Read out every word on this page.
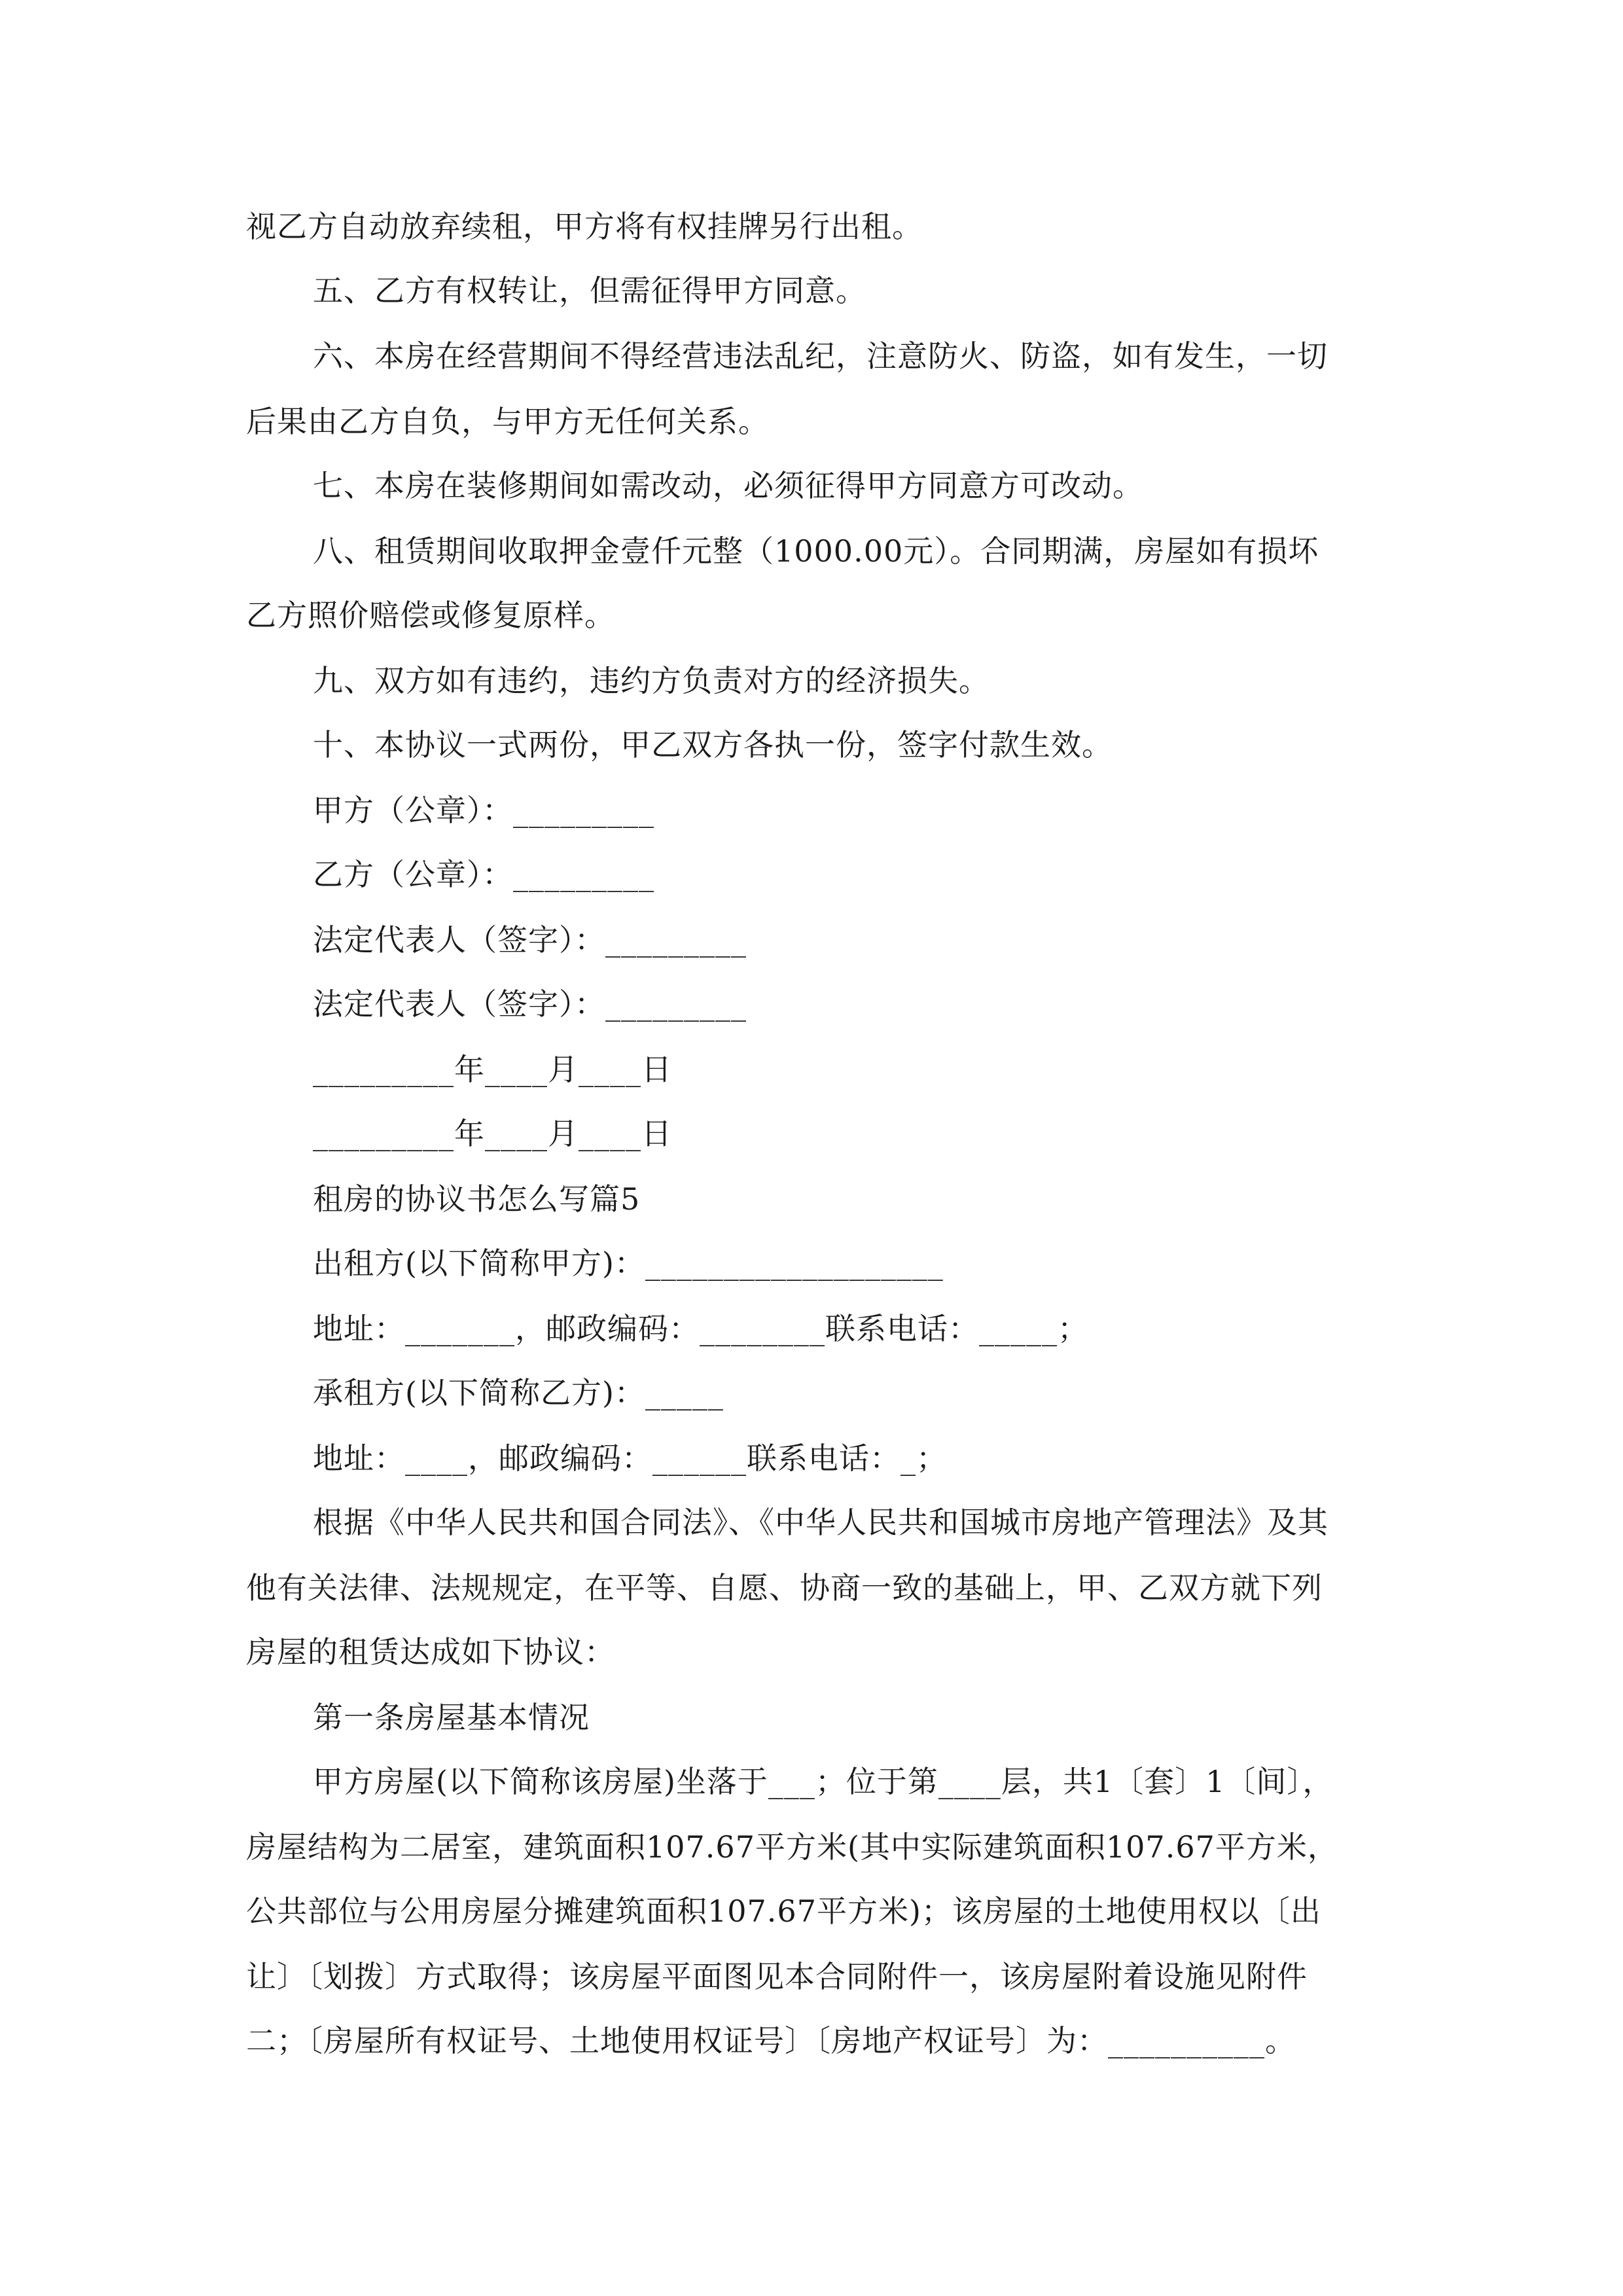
视乙方自动放弃续租，甲方将有权挂牌另行出租。

五、乙方有权转让，但需征得甲方同意。

六、本房在经营期间不得经营违法乱纪，注意防火、防盗，如有发生，一切

后果由乙方自负，与甲方无任何关系。

七、本房在装修期间如需改动，必须征得甲方同意方可改动。

八、租赁期间收取押金壹仟元整（1000.00元）。合同期满，房屋如有损坏

乙方照价赔偿或修复原样。

九、双方如有违约，违约方负责对方的经济损失。

十、本协议一式两份，甲乙双方各执一份，签字付款生效。

甲方（公章）：_________

乙方（公章）：_________

法定代表人（签字）：_________

法定代表人（签字）：_________

_________年____月____日

_________年____月____日

租房的协议书怎么写篇5

出租方(以下简称甲方)：___________________

地址：_______，邮政编码：________联系电话：_____；

承租方(以下简称乙方)：_____

地址：____，邮政编码：______联系电话：_；

根据《中华人民共和国合同法》、《中华人民共和国城市房地产管理法》及其

他有关法律、法规规定，在平等、自愿、协商一致的基础上，甲、乙双方就下列

房屋的租赁达成如下协议：

第一条房屋基本情况

甲方房屋(以下简称该房屋)坐落于___；位于第____层，共1〔套〕1〔间〕，

房屋结构为二居室，建筑面积107.67平方米(其中实际建筑面积107.67平方米，

公共部位与公用房屋分摊建筑面积107.67平方米)；该房屋的土地使用权以〔出

让〕〔划拨〕方式取得；该房屋平面图见本合同附件一，该房屋附着设施见附件

二；〔房屋所有权证号、土地使用权证号〕〔房地产权证号〕为：__________。
